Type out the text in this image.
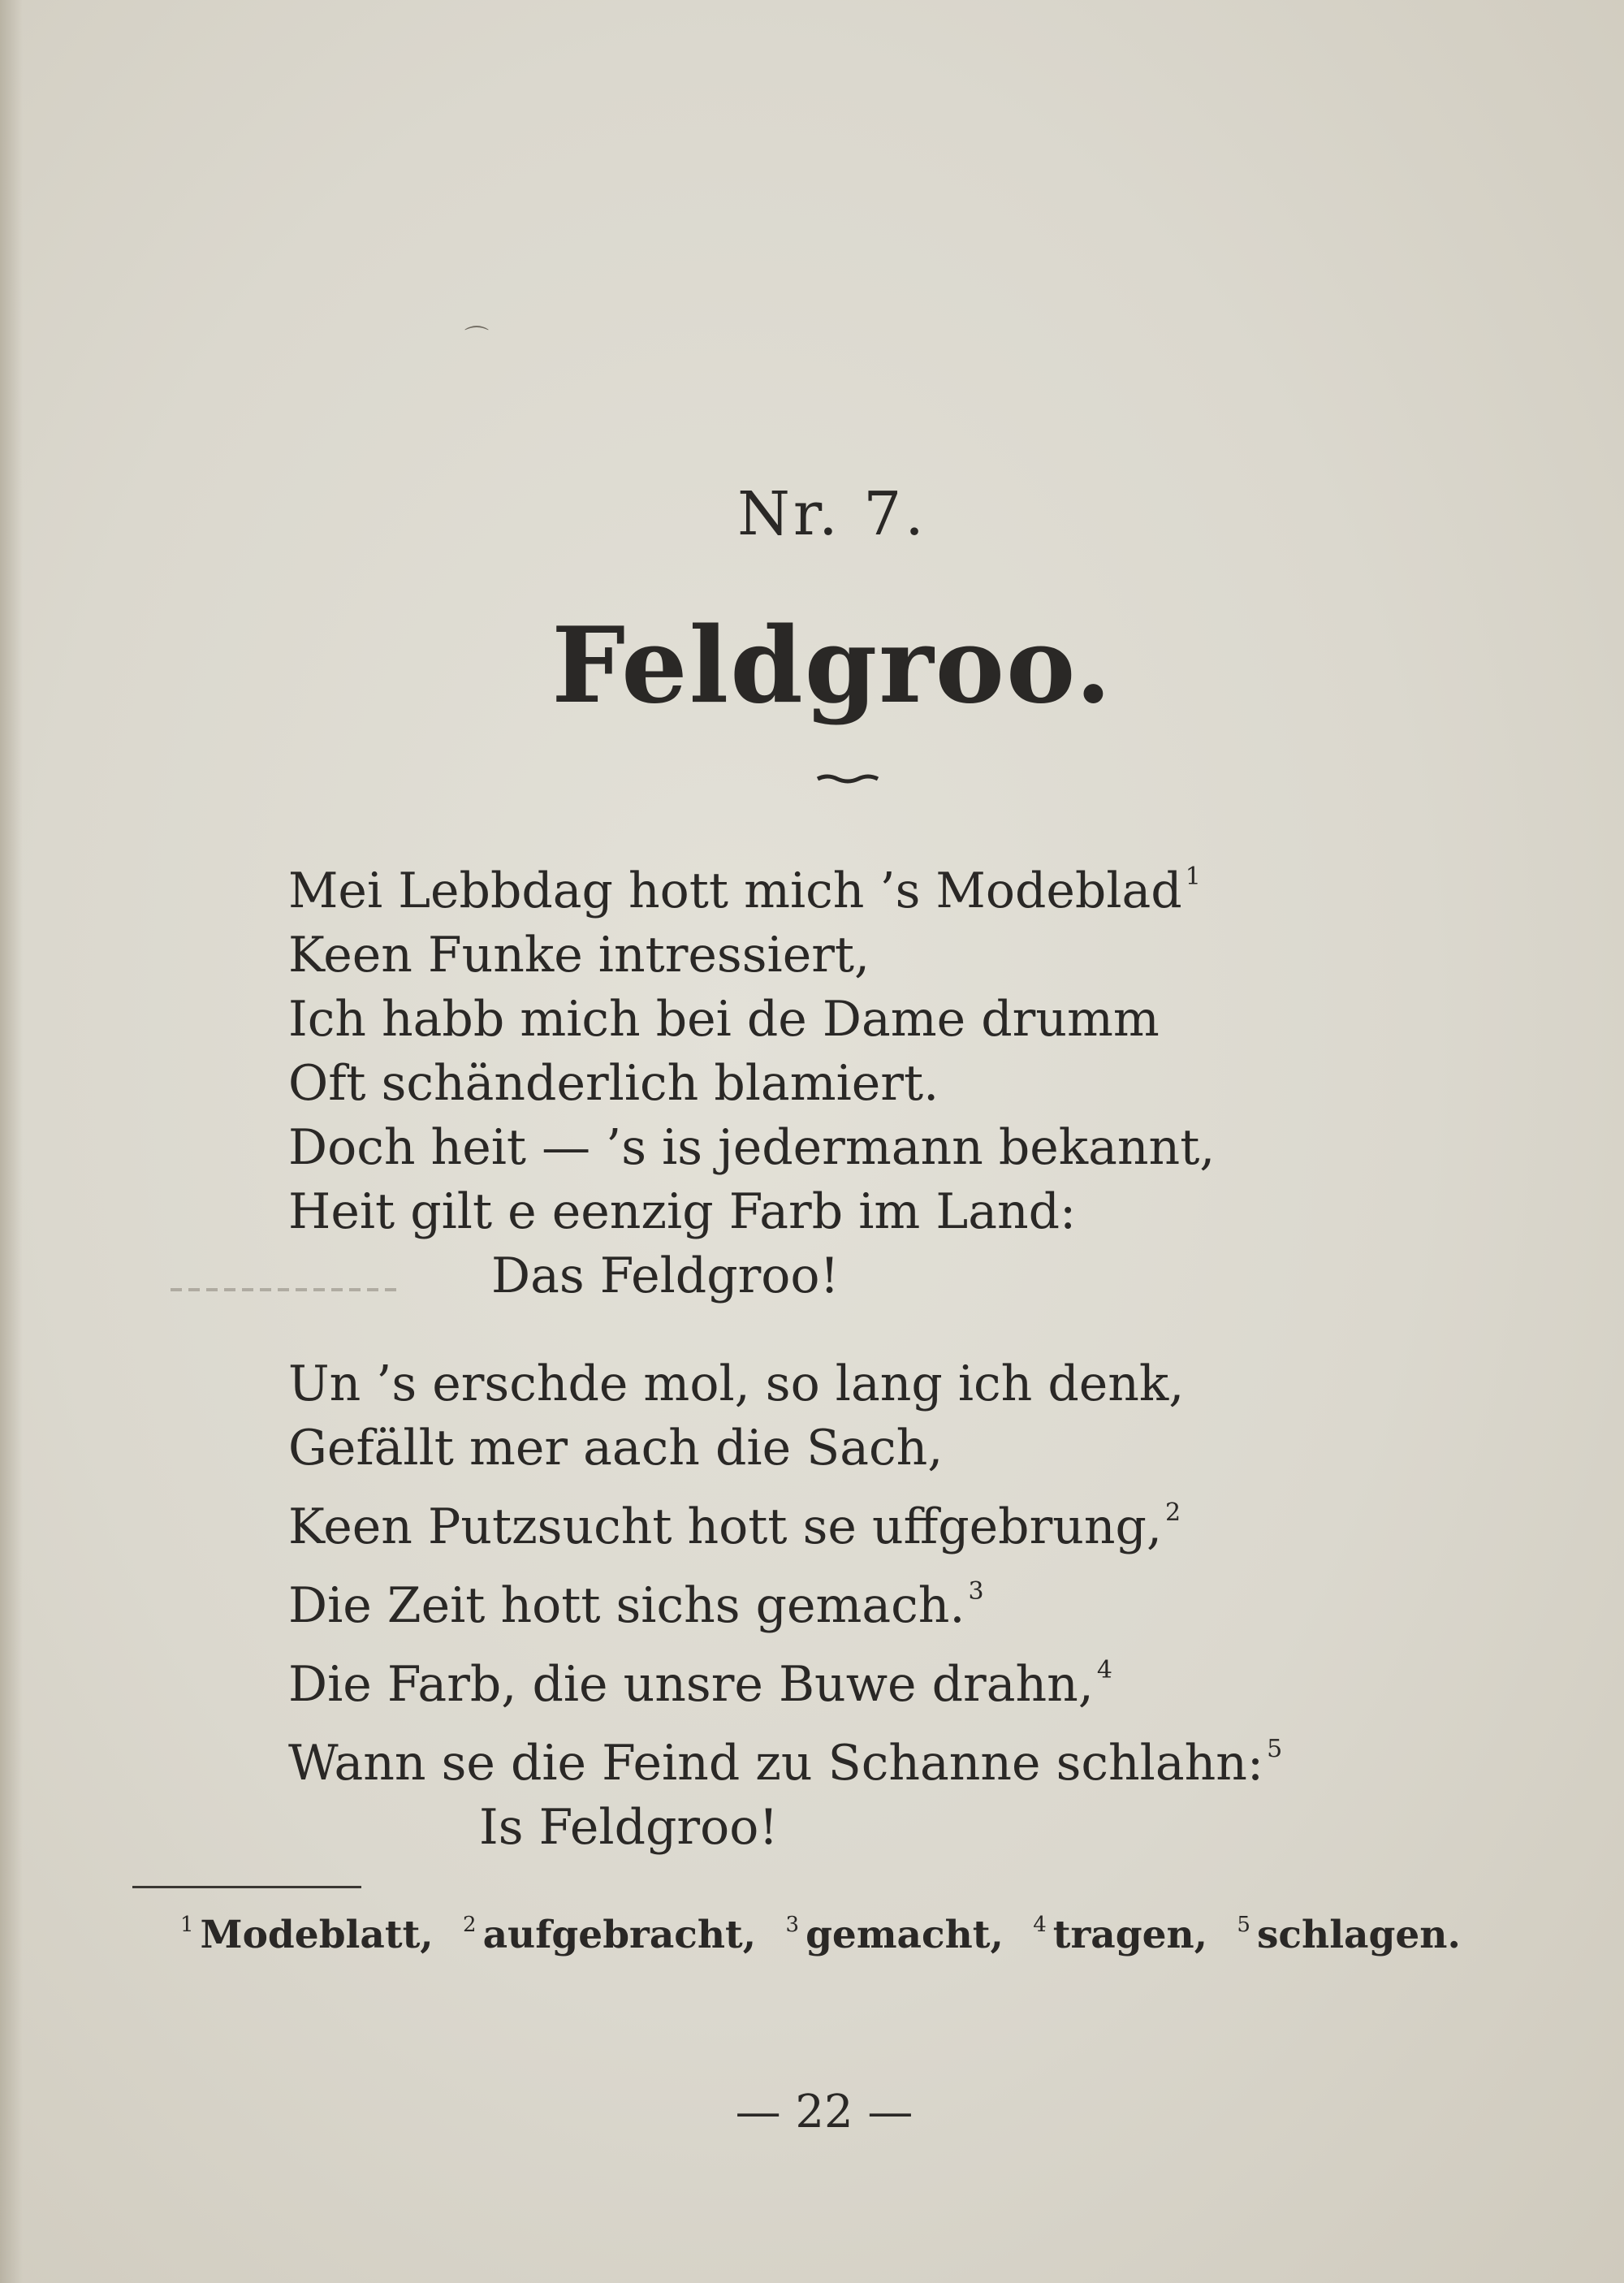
⌒
Nr. 7.
Feldgroo.
Mei Lebbdag hott mich ’s Modeblad $^1$
Keen Funke intressiert,
Ich habb mich bei de Dame drumm
Oft schänderlich blamiert.
Doch heit — ’s is jedermann bekannt,
Heit gilt e eenzig Farb im Land:
Das Feldgroo!
Un ’s erschde mol, so lang ich denk,
Gefällt mer aach die Sach,
Keen Putzsucht hott se uffgebrung, $^2$
Die Zeit hott sichs gemach. $^3$
Die Farb, die unsre Buwe drahn, $^4$
Wann se die Feind zu Schanne schlahn: $^5$
Is Feldgroo!
$^1$ Modeblatt, $^2$ aufgebracht, $^3$ gemacht, $^4$ tragen, $^5$ schlagen.
— 22 —
